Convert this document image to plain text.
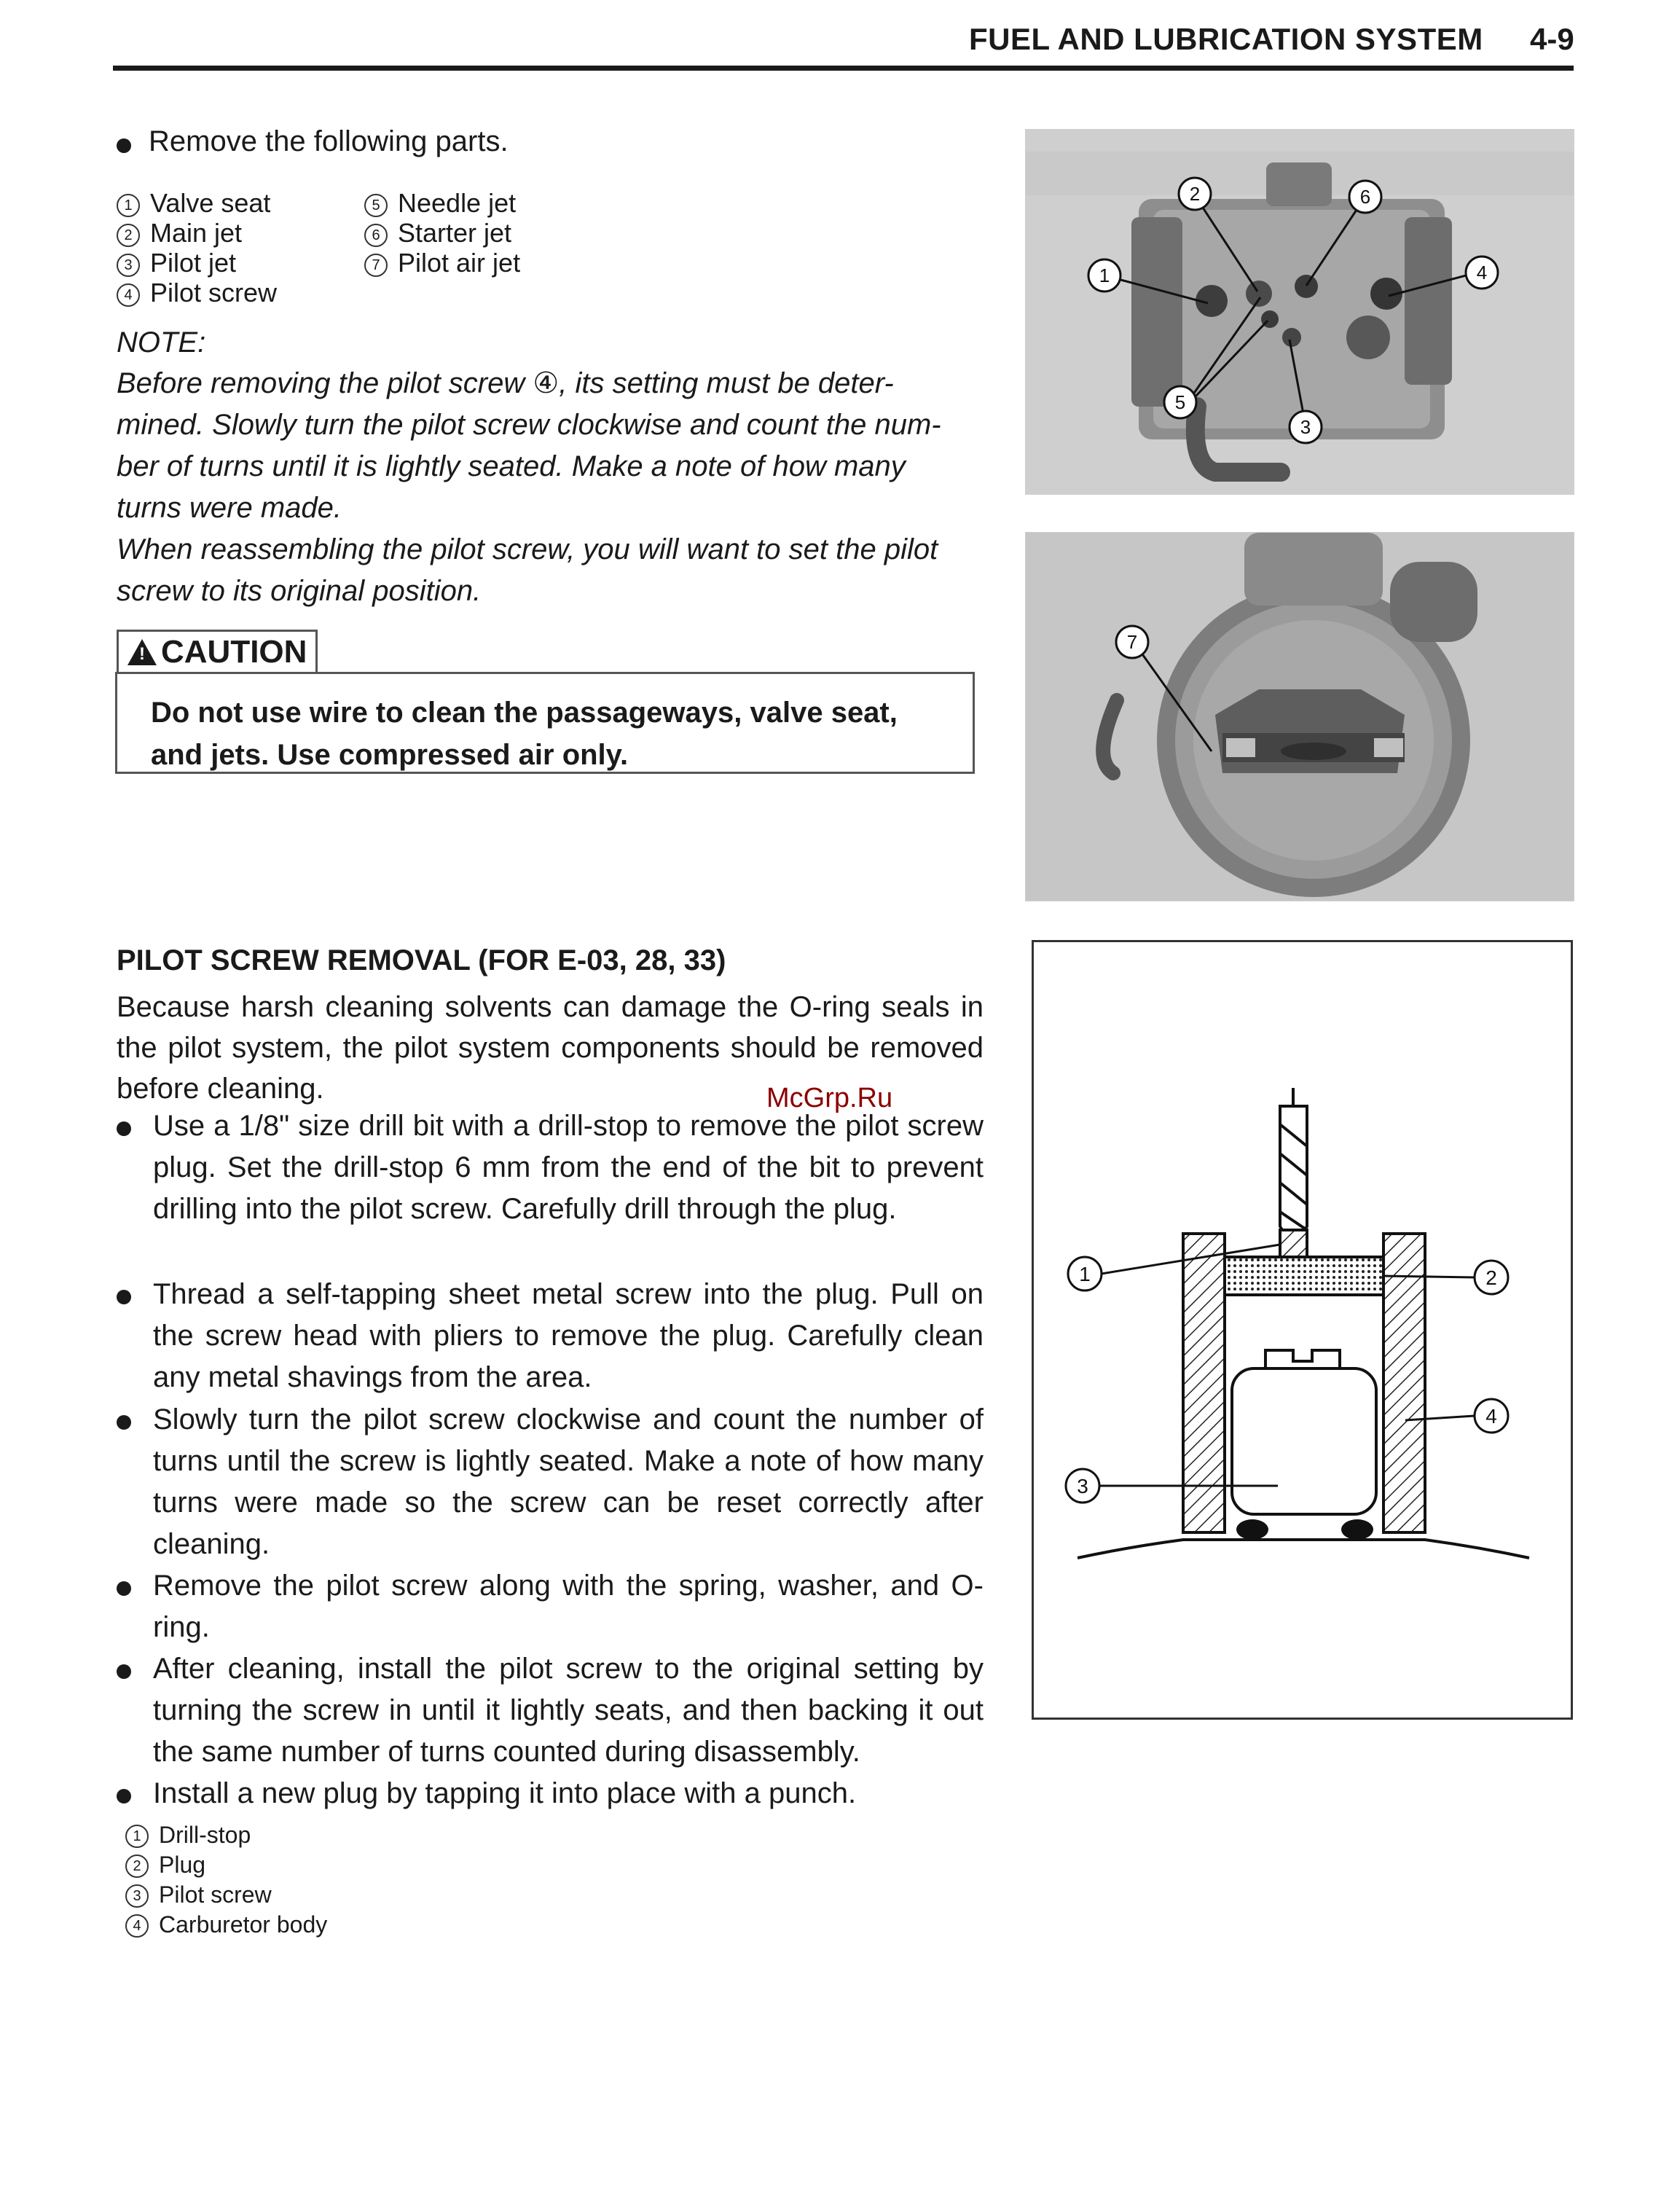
FUEL AND LUBRICATION SYSTEM 4-9
Remove the following parts.
1 Valve seat
2 Main jet
3 Pilot jet
4 Pilot screw
5 Needle jet
6 Starter jet
7 Pilot air jet
NOTE:

Before removing the pilot screw ④, its setting must be deter-

mined. Slowly turn the pilot screw clockwise and count the num-

ber of turns until it is lightly seated. Make a note of how many

turns were made.

When reassembling the pilot screw, you will want to set the pilot

screw to its original position.

!CAUTION
Do not use wire to clean the passageways, valve seat, and jets. Use compressed air only.
1
2
3
4
5
6
7
PILOT SCREW REMOVAL (FOR E-03, 28, 33)
Because harsh cleaning solvents can damage the O-ring seals in the pilot system, the pilot system components should be removed before cleaning.
Use a 1/8" size drill bit with a drill-stop to remove the pilot screw plug. Set the drill-stop 6 mm from the end of the bit to prevent drilling into the pilot screw. Carefully drill through the plug.
Thread a self-tapping sheet metal screw into the plug. Pull on the screw head with pliers to remove the plug. Carefully clean any metal shavings from the area.
Slowly turn the pilot screw clockwise and count the number of turns until the screw is lightly seated. Make a note of how many turns were made so the screw can be reset correctly after cleaning.
Remove the pilot screw along with the spring, washer, and O-ring.
After cleaning, install the pilot screw to the original setting by turning the screw in until it lightly seats, and then backing it out the same number of turns counted during disassembly.
Install a new plug by tapping it into place with a punch.
1 Drill-stop
2 Plug
3 Pilot screw
4 Carburetor body
1	2
3
4
McGrp.Ru
